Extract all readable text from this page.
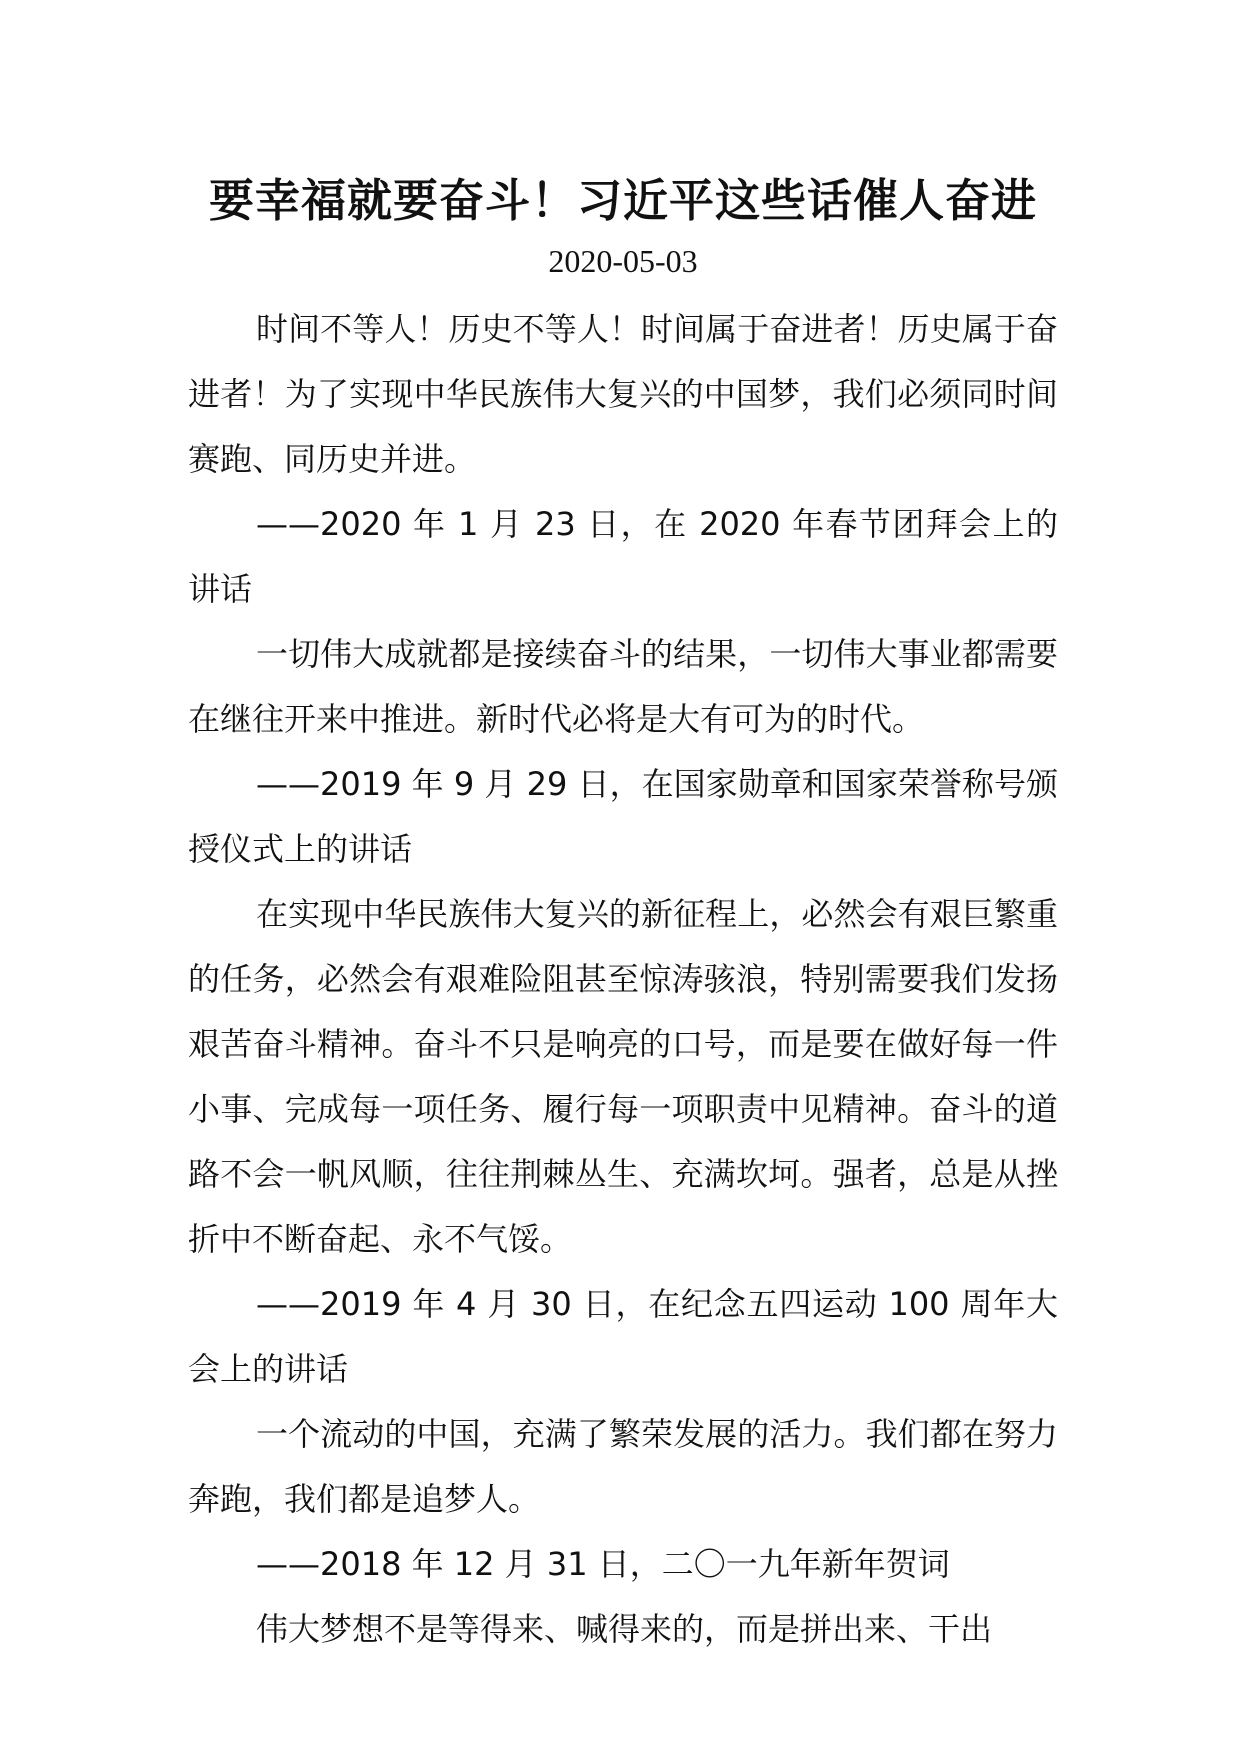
要幸福就要奋斗！习近平这些话催人奋进

2020-05-03

时间不等人！历史不等人！时间属于奋进者！历史属于奋进者！为了实现中华民族伟大复兴的中国梦，我们必须同时间赛跑、同历史并进。

——2020 年 1 月 23 日，在 2020 年春节团拜会上的讲话

一切伟大成就都是接续奋斗的结果，一切伟大事业都需要在继往开来中推进。新时代必将是大有可为的时代。

——2019 年 9 月 29 日，在国家勋章和国家荣誉称号颁授仪式上的讲话

在实现中华民族伟大复兴的新征程上，必然会有艰巨繁重的任务，必然会有艰难险阻甚至惊涛骇浪，特别需要我们发扬艰苦奋斗精神。奋斗不只是响亮的口号，而是要在做好每一件小事、完成每一项任务、履行每一项职责中见精神。奋斗的道路不会一帆风顺，往往荆棘丛生、充满坎坷。强者，总是从挫折中不断奋起、永不气馁。

——2019 年 4 月 30 日，在纪念五四运动 100 周年大会上的讲话

一个流动的中国，充满了繁荣发展的活力。我们都在努力奔跑，我们都是追梦人。

——2018 年 12 月 31 日，二〇一九年新年贺词

伟大梦想不是等得来、喊得来的，而是拼出来、干出
